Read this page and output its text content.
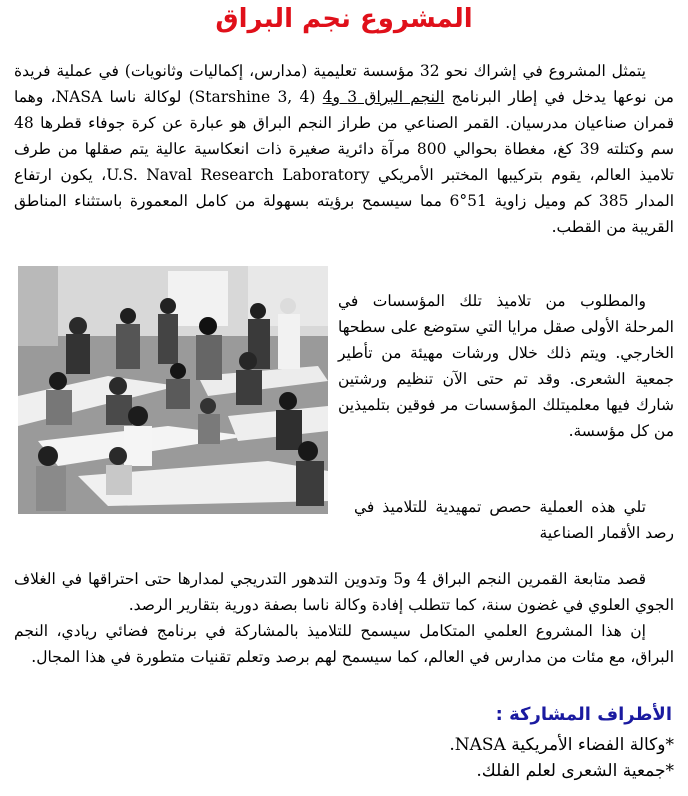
المشروع نجم البراق
يتمثل المشروع في إشراك نحو 32 مؤسسة تعليمية (مدارس، إكماليات وثانويات) في عملية فريدة من نوعها يدخل في إطار البرنامج النجم البراق 3 و4 (Starshine 3, 4) لوكالة ناسا NASA، وهما قمران صناعيان مدرسيان. القمر الصناعي من طراز النجم البراق هو عبارة عن كرة جوفاء قطرها 48 سم وكتلته 39 كغ، مغطاة بحوالي 800 مرآة دائرية صغيرة ذات انعكاسية عالية يتم صقلها من طرف تلاميذ العالم، يقوم بتركيبها المختبر الأمريكي U.S. Naval Research Laboratory، يكون ارتفاع المدار 385 كم وميل زاوية 51°6 مما سيسمح برؤيته بسهولة من كامل المعمورة باستثناء المناطق القريبة من القطب.
والمطلوب من تلاميذ تلك المؤسسات في المرحلة الأولى صقل مرايا التي ستوضع على سطحها الخارجي. ويتم ذلك خلال ورشات مهيئة من تأطير جمعية الشعرى. وقد تم حتى الآن تنظيم ورشتين شارك فيها معلميتلك المؤسسات مر فوقين بتلميذين من كل مؤسسة.
تلي هذه العملية حصص تمهيدية للتلاميذ في رصد الأقمار الصناعية
قصد متابعة القمرين النجم البراق 4 و5 وتدوين التدهور التدريجي لمدارها حتى احتراقها في الغلاف الجوي العلوي في غضون سنة، كما تتطلب إفادة وكالة ناسا بصفة دورية بتقارير الرصد.
إن هذا المشروع العلمي المتكامل سيسمح للتلاميذ بالمشاركة في برنامج فضائي ريادي، النجم البراق، مع مئات من مدارس في العالم، كما سيسمح لهم برصد وتعلم تقنيات متطورة في هذا المجال.
الأطراف المشاركة :
*وكالة الفضاء الأمريكية NASA.
*جمعية الشعرى لعلم الفلك.
